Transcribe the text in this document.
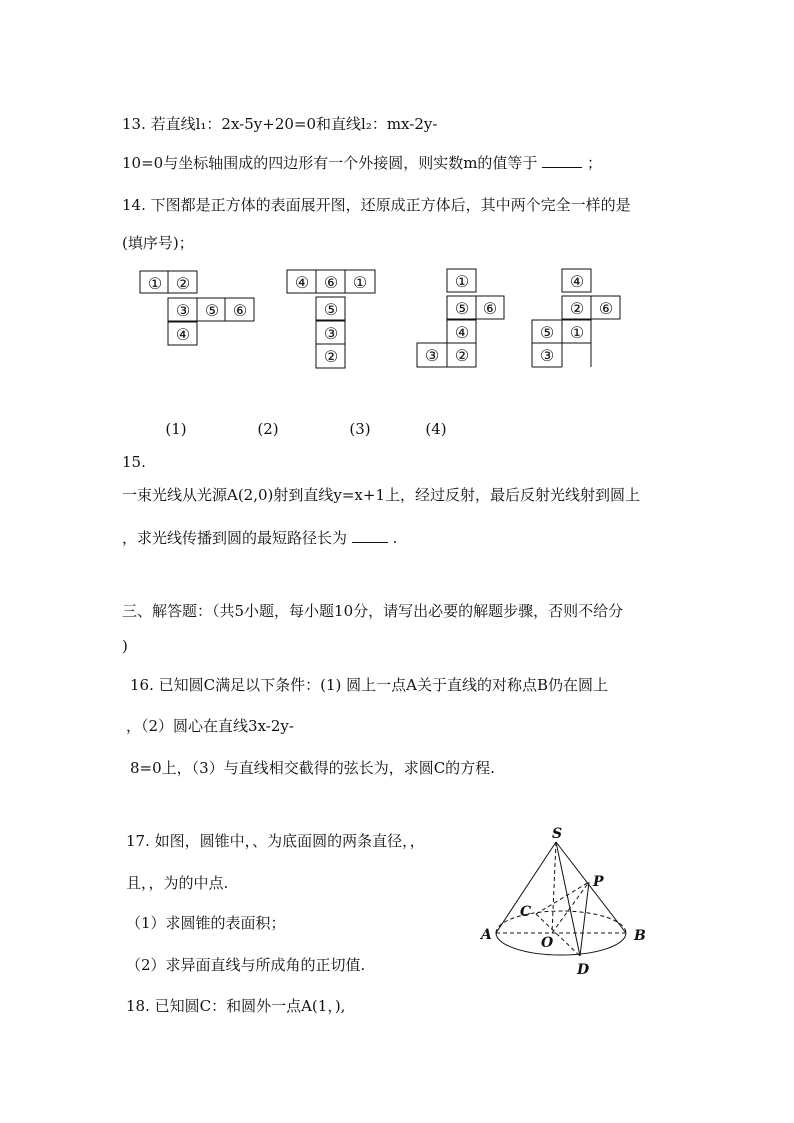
13. 若直线l₁：2x-5y+20=0和直线l₂：mx-2y-
10=0与坐标轴围成的四边形有一个外接圆，则实数m的值等于	；
14. 下图都是正方体的表面展开图，还原成正方体后，其中两个完全一样的是
(填序号)；
① ②
③ ⑤ ⑥
④
④ ⑥ ①
⑤
③
②
①
⑤ ⑥
④
③ ②
④
② ⑥
⑤ ①
③
(1)	(2)	(3)	(4)
15.
一束光线从光源A(2,0)射到直线y=x+1上，经过反射，最后反射光线射到圆上
，求光线传播到圆的最短路径长为	.
三、解答题：（共5小题，每小题10分，请写出必要的解题步骤，否则不给分
)
16. 已知圆C满足以下条件：(1) 圆上一点A关于直线的对称点B仍在圆上
，（2）圆心在直线3x-2y-
8=0上，（3）与直线相交截得的弦长为，求圆C的方程.
17. 如图，圆锥中，、为底面圆的两条直径，，
且，，为的中点.
（1）求圆锥的表面积；
（2）求异面直线与所成角的正切值.
S
P
C
A	O	B
D
18. 已知圆C：和圆外一点A(1，),
